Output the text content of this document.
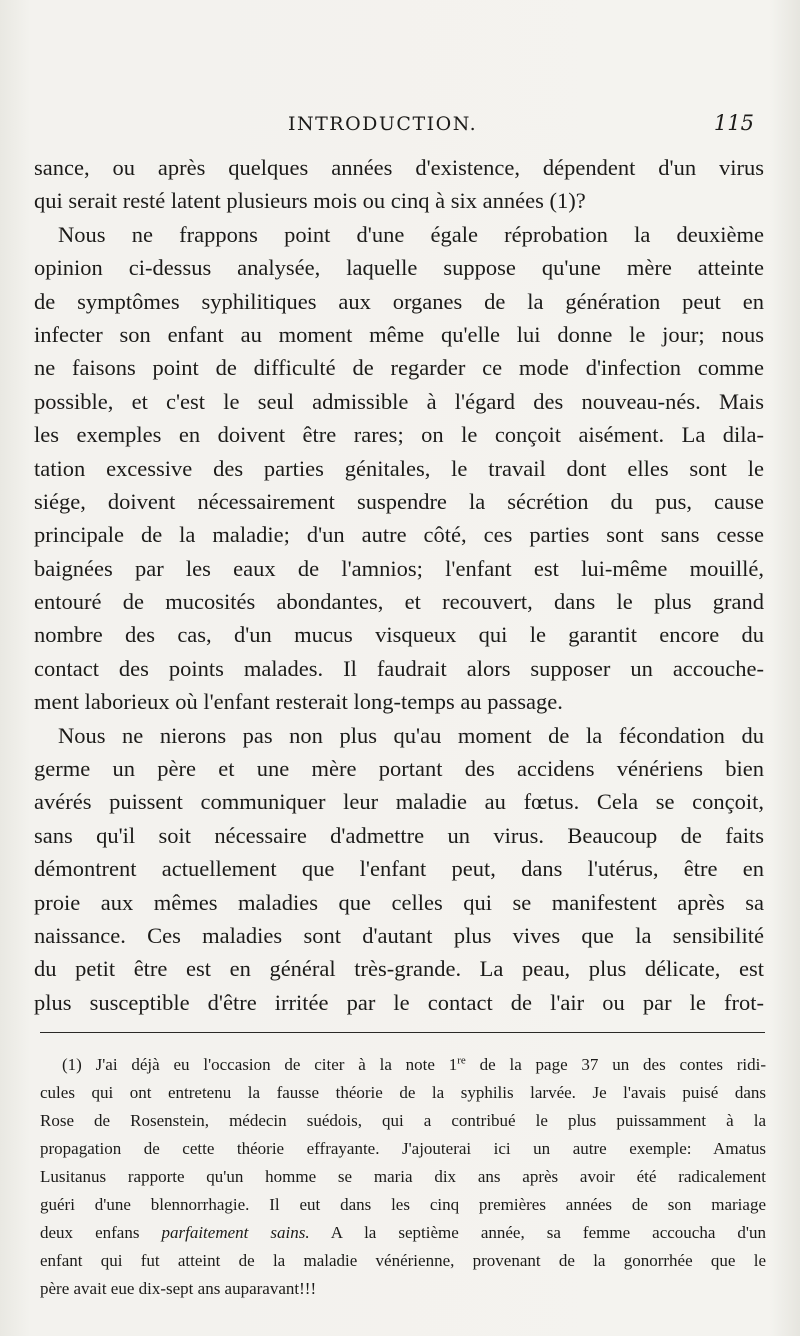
INTRODUCTION.	115
sance, ou après quelques années d'existence, dépendent d'un virus
qui serait resté latent plusieurs mois ou cinq à six années (1)?
Nous ne frappons point d'une égale réprobation la deuxième
opinion ci-dessus analysée, laquelle suppose qu'une mère atteinte
de symptômes syphilitiques aux organes de la génération peut en
infecter son enfant au moment même qu'elle lui donne le jour; nous
ne faisons point de difficulté de regarder ce mode d'infection comme
possible, et c'est le seul admissible à l'égard des nouveau-nés. Mais
les exemples en doivent être rares; on le conçoit aisément. La dila-
tation excessive des parties génitales, le travail dont elles sont le
siége, doivent nécessairement suspendre la sécrétion du pus, cause
principale de la maladie; d'un autre côté, ces parties sont sans cesse
baignées par les eaux de l'amnios; l'enfant est lui-même mouillé,
entouré de mucosités abondantes, et recouvert, dans le plus grand
nombre des cas, d'un mucus visqueux qui le garantit encore du
contact des points malades. Il faudrait alors supposer un accouche-
ment laborieux où l'enfant resterait long-temps au passage.
Nous ne nierons pas non plus qu'au moment de la fécondation du
germe un père et une mère portant des accidens vénériens bien
avérés puissent communiquer leur maladie au fœtus. Cela se conçoit,
sans qu'il soit nécessaire d'admettre un virus. Beaucoup de faits
démontrent actuellement que l'enfant peut, dans l'utérus, être en
proie aux mêmes maladies que celles qui se manifestent après sa
naissance. Ces maladies sont d'autant plus vives que la sensibilité
du petit être est en général très-grande. La peau, plus délicate, est
plus susceptible d'être irritée par le contact de l'air ou par le frot-
(1) J'ai déjà eu l'occasion de citer à la note 1re de la page 37 un des contes ridi-
cules qui ont entretenu la fausse théorie de la syphilis larvée. Je l'avais puisé dans
Rose de Rosenstein, médecin suédois, qui a contribué le plus puissamment à la
propagation de cette théorie effrayante. J'ajouterai ici un autre exemple: Amatus
Lusitanus rapporte qu'un homme se maria dix ans après avoir été radicalement
guéri d'une blennorrhagie. Il eut dans les cinq premières années de son mariage
deux enfans parfaitement sains. A la septième année, sa femme accoucha d'un
enfant qui fut atteint de la maladie vénérienne, provenant de la gonorrhée que le
père avait eue dix-sept ans auparavant!!!
